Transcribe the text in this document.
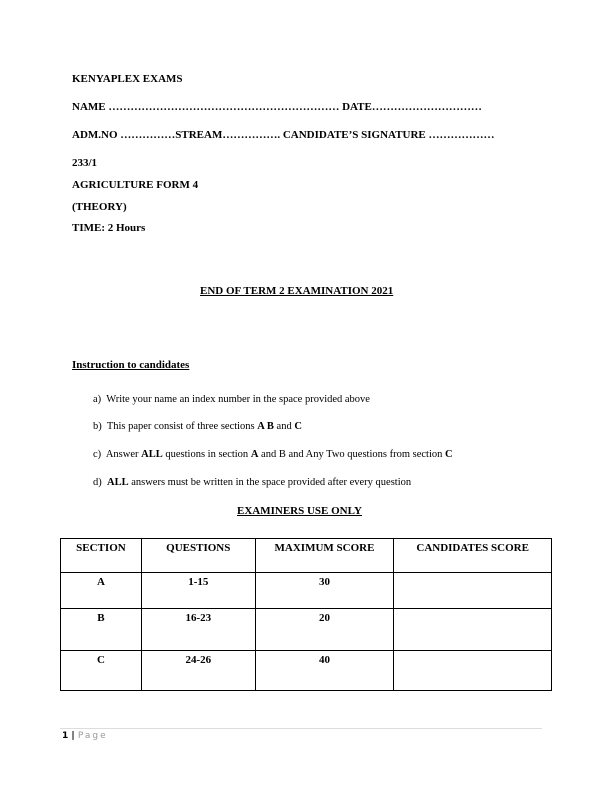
KENYAPLEX EXAMS
NAME ……………………………………………………… DATE…………………………
ADM.NO ……………STREAM……………. CANDIDATE’S SIGNATURE ………………
233/1
AGRICULTURE FORM 4
(THEORY)
TIME: 2 Hours
END OF TERM 2 EXAMINATION 2021
Instruction to candidates
a) Write your name an index number in the space provided above
b) This paper consist of three sections A B and C
c) Answer ALL questions in section A and B and Any Two questions from section C
d) ALL answers must be written in the space provided after every question
EXAMINERS USE ONLY
SECTION	QUESTIONS	MAXIMUM SCORE	CANDIDATES SCORE
A	1-15	30	
B	16-23	20	
C	24-26	40	
1 | Page
